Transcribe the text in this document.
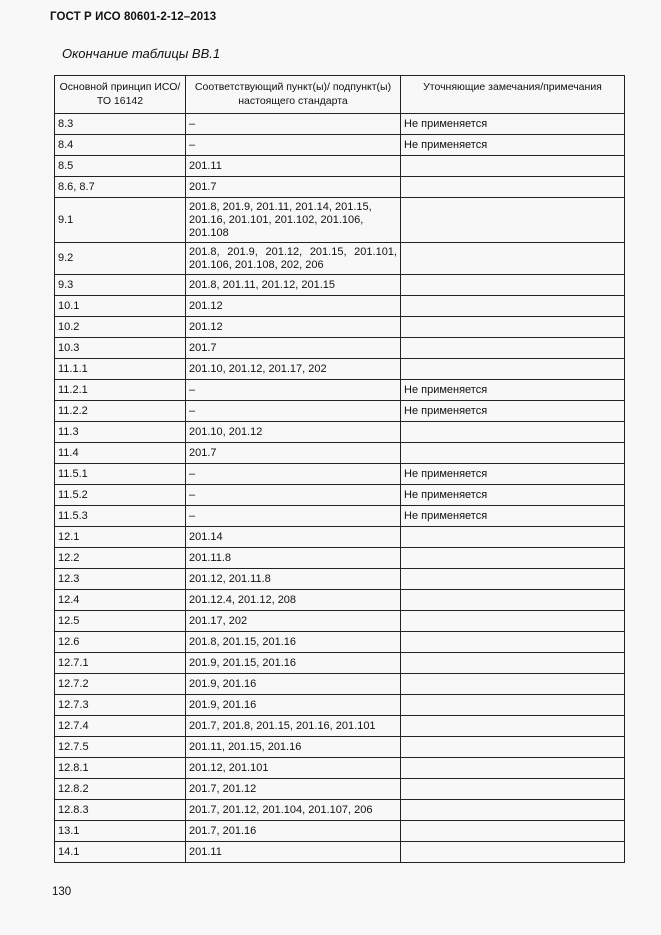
ГОСТ Р ИСО 80601-2-12–2013
Окончание таблицы ВВ.1
Основной принцип ИСО/ТО 16142	Соответствующий пункт(ы)/ подпункт(ы) настоящего стандарта	Уточняющие замечания/примечания
8.3	–	Не применяется
8.4	–	Не применяется
8.5	201.11	
8.6, 8.7	201.7	
9.1	201.8, 201.9, 201.11, 201.14, 201.15, 201.16, 201.101, 201.102, 201.106, 201.108	
9.2	201.8, 201.9, 201.12, 201.15, 201.101, 201.106, 201.108, 202, 206	
9.3	201.8, 201.11, 201.12, 201.15	
10.1	201.12	
10.2	201.12	
10.3	201.7	
11.1.1	201.10, 201.12, 201.17, 202	
11.2.1	–	Не применяется
11.2.2	–	Не применяется
11.3	201.10, 201.12	
11.4	201.7	
11.5.1	–	Не применяется
11.5.2	–	Не применяется
11.5.3	–	Не применяется
12.1	201.14	
12.2	201.11.8	
12.3	201.12, 201.11.8	
12.4	201.12.4, 201.12, 208	
12.5	201.17, 202	
12.6	201.8, 201.15, 201.16	
12.7.1	201.9, 201.15, 201.16	
12.7.2	201.9, 201.16	
12.7.3	201.9, 201.16	
12.7.4	201.7, 201.8, 201.15, 201.16, 201.101	
12.7.5	201.11, 201.15, 201.16	
12.8.1	201.12, 201.101	
12.8.2	201.7, 201.12	
12.8.3	201.7, 201.12, 201.104, 201.107, 206	
13.1	201.7, 201.16	
14.1	201.11	
130
